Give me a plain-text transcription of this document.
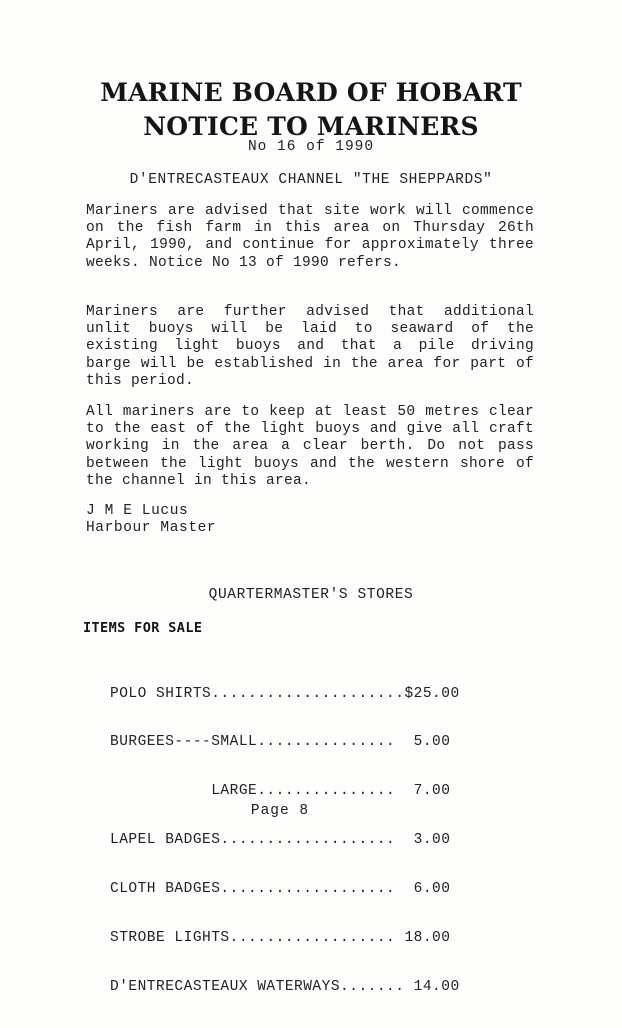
MARINE BOARD OF HOBART
NOTICE TO MARINERS
No 16 of 1990
D'ENTRECASTEAUX CHANNEL "THE SHEPPARDS"

Mariners are advised that site work will commence on the fish farm in this area on Thursday 26th April, 1990, and continue for approximately three weeks. Notice No 13 of 1990 refers.

Mariners are further advised that additional unlit buoys will be laid to seaward of the existing light buoys and that a pile driving barge will be established in the area for part of this period.

All mariners are to keep at least 50 metres clear to the east of the light buoys and give all craft working in the area a clear berth. Do not pass between the light buoys and the western shore of the channel in this area.

J M E Lucus
Harbour Master
QUARTERMASTER'S STORES
ITEMS FOR SALE

POLO SHIRTS.....................$25.00

BURGEES----SMALL...............  5.00

LARGE...............  7.00

LAPEL BADGES...................  3.00

CLOTH BADGES...................  6.00

STROBE LIGHTS.................. 18.00

D'ENTRECASTEAUX WATERWAYS....... 14.00

Page 8
